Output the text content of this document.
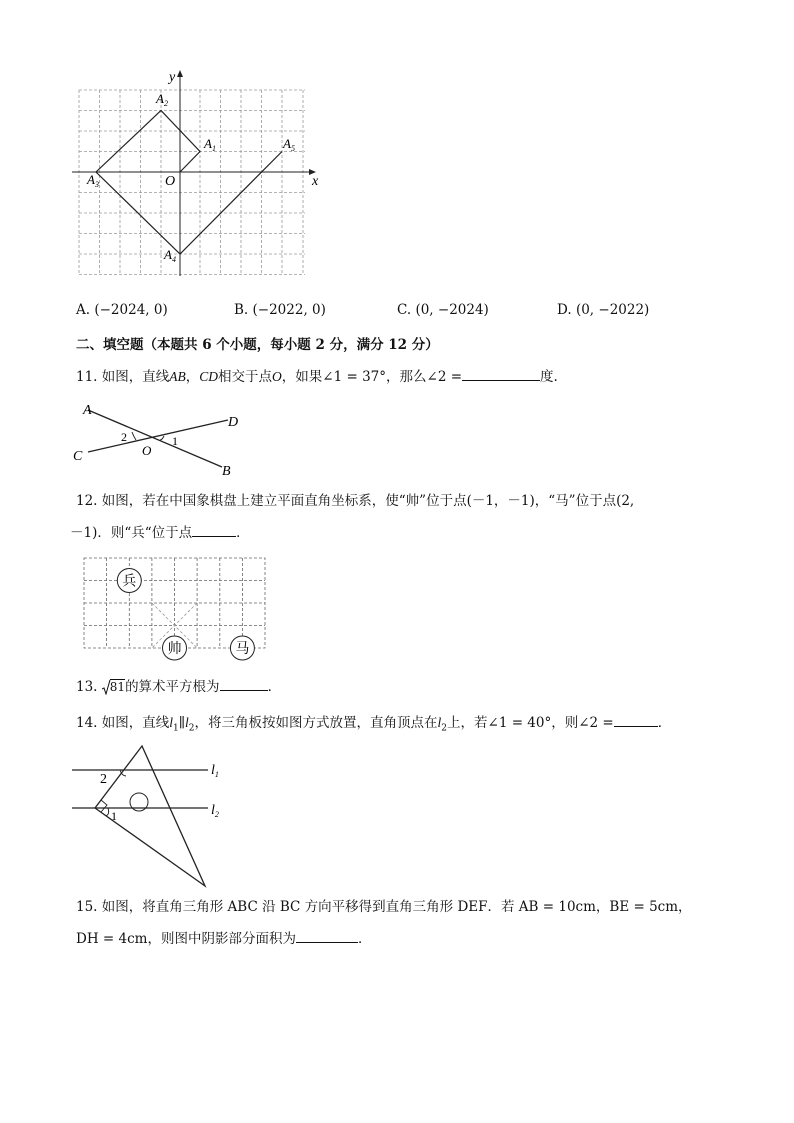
x
y
O
$A_2$
$A_1$	$A_5$
$A_3$
$A_4$
A. (−2024, 0)	B. (−2022, 0)	C. (0, −2024)	D. (0, −2022)
二、填空题（本题共 6 个小题，每小题 2 分，满分 12 分）
11. 如图，直线AB，CD相交于点O，如果∠1 = 37°，那么∠2 =	度.
A
B
C
D
O
2	1
12. 如图，若在中国象棋盘上建立平面直角坐标系，使“帅”位于点(－1，－1)，“马”位于点(2,
－1)．则“兵“位于点	．
兵
帅	马
13. 81的算术平方根为	．
14. 如图，直线$l_1\parallel l_2$，将三角板按如图方式放置，直角顶点在$l_2$上，若∠1 = 40°，则∠2 =	．
2
1
$l_1$
$l_2$
15. 如图，将直角三角形 ABC 沿 BC 方向平移得到直角三角形 DEF．若 AB = 10cm，BE = 5cm，
DH = 4cm，则图中阴影部分面积为	．
